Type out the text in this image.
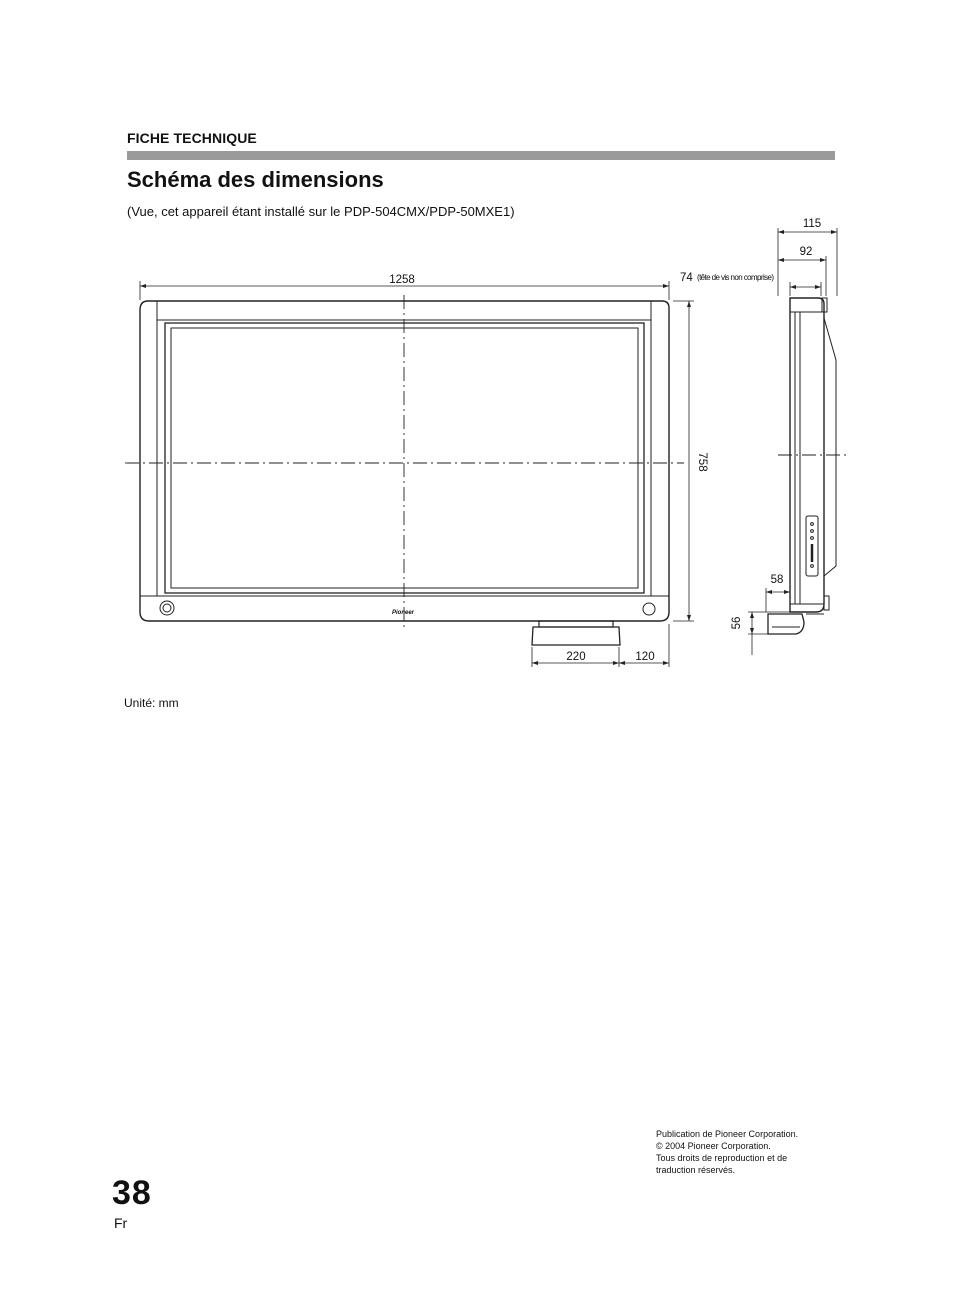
FICHE TECHNIQUE
Schéma des dimensions
(Vue, cet appareil étant installé sur le PDP-504CMX/PDP-50MXE1)
Pioneer
1258
758
220	120
115
92
74 (tête de vis non comprise)
58
56
Unité: mm
Publication de Pioneer Corporation.
© 2004 Pioneer Corporation.
Tous droits de reproduction et de
traduction réservés.
38
Fr
